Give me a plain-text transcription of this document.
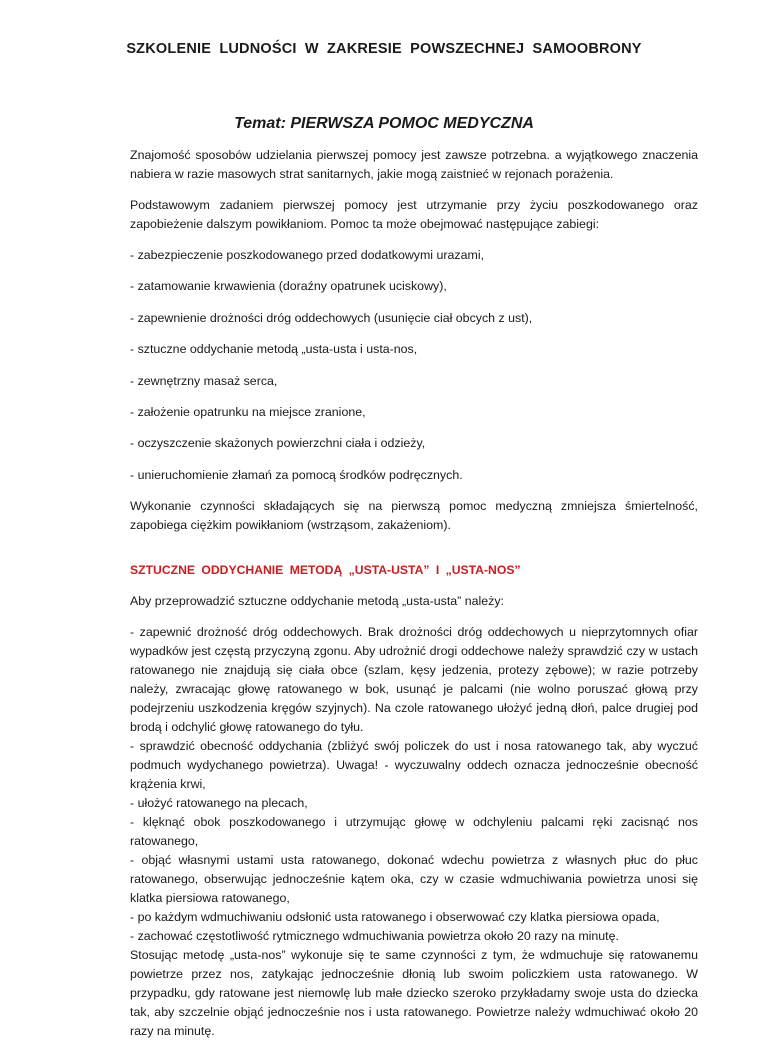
SZKOLENIE LUDNOŚCI W ZAKRESIE POWSZECHNEJ SAMOOBRONY
Temat: PIERWSZA POMOC MEDYCZNA

Znajomość sposobów udzielania pierwszej pomocy jest zawsze potrzebna. a wyjątkowego znaczenia nabiera w razie masowych strat sanitarnych, jakie mogą zaistnieć w rejonach porażenia.

Podstawowym zadaniem pierwszej pomocy jest utrzymanie przy życiu poszkodowanego oraz zapobieżenie dalszym powikłaniom. Pomoc ta może obejmować następujące zabiegi:

- zabezpieczenie poszkodowanego przed dodatkowymi urazami,

- zatamowanie krwawienia (doraźny opatrunek uciskowy),

- zapewnienie drożności dróg oddechowych (usunięcie ciał obcych z ust),

- sztuczne oddychanie metodą „usta-usta i usta-nos,

- zewnętrzny masaż serca,

- założenie opatrunku na miejsce zranione,

- oczyszczenie skażonych powierzchni ciała i odzieży,

- unieruchomienie złamań za pomocą środków podręcznych.

Wykonanie czynności składających się na pierwszą pomoc medyczną zmniejsza śmiertelność, zapobiega ciężkim powikłaniom (wstrząsom, zakażeniom).

SZTUCZNE ODDYCHANIE METODĄ „USTA-USTA” I „USTA-NOS”

Aby przeprowadzić sztuczne oddychanie metodą „usta-usta” należy:

- zapewnić drożność dróg oddechowych. Brak drożności dróg oddechowych u nieprzytomnych ofiar wypadków jest częstą przyczyną zgonu. Aby udrożnić drogi oddechowe należy sprawdzić czy w ustach ratowanego nie znajdują się ciała obce (szlam, kęsy jedzenia, protezy zębowe); w razie potrzeby należy, zwracając głowę ratowanego w bok, usunąć je palcami (nie wolno poruszać głową przy podejrzeniu uszkodzenia kręgów szyjnych). Na czole ratowanego ułożyć jedną dłoń, palce drugiej pod brodą i odchylić głowę ratowanego do tyłu.

- sprawdzić obecność oddychania (zbliżyć swój policzek do ust i nosa ratowanego tak, aby wyczuć podmuch wydychanego powietrza). Uwaga! - wyczuwalny oddech oznacza jednocześnie obecność krążenia krwi,

- ułożyć ratowanego na plecach,

- klęknąć obok poszkodowanego i utrzymując głowę w odchyleniu palcami ręki zacisnąć nos ratowanego,

- objąć własnymi ustami usta ratowanego, dokonać wdechu powietrza z własnych płuc do płuc ratowanego, obserwując jednocześnie kątem oka, czy w czasie wdmuchiwania powietrza unosi się klatka piersiowa ratowanego,

- po każdym wdmuchiwaniu odsłonić usta ratowanego i obserwować czy klatka piersiowa opada,

- zachować częstotliwość rytmicznego wdmuchiwania powietrza około 20 razy na minutę.

Stosując metodę „usta-nos” wykonuje się te same czynności z tym, że wdmuchuje się ratowanemu powietrze przez nos, zatykając jednocześnie dłonią lub swoim policzkiem usta ratowanego. W przypadku, gdy ratowane jest niemowlę lub małe dziecko szeroko przykładamy swoje usta do dziecka tak, aby szczelnie objąć jednocześnie nos i usta ratowanego. Powietrze należy wdmuchiwać około 20 razy na minutę.
